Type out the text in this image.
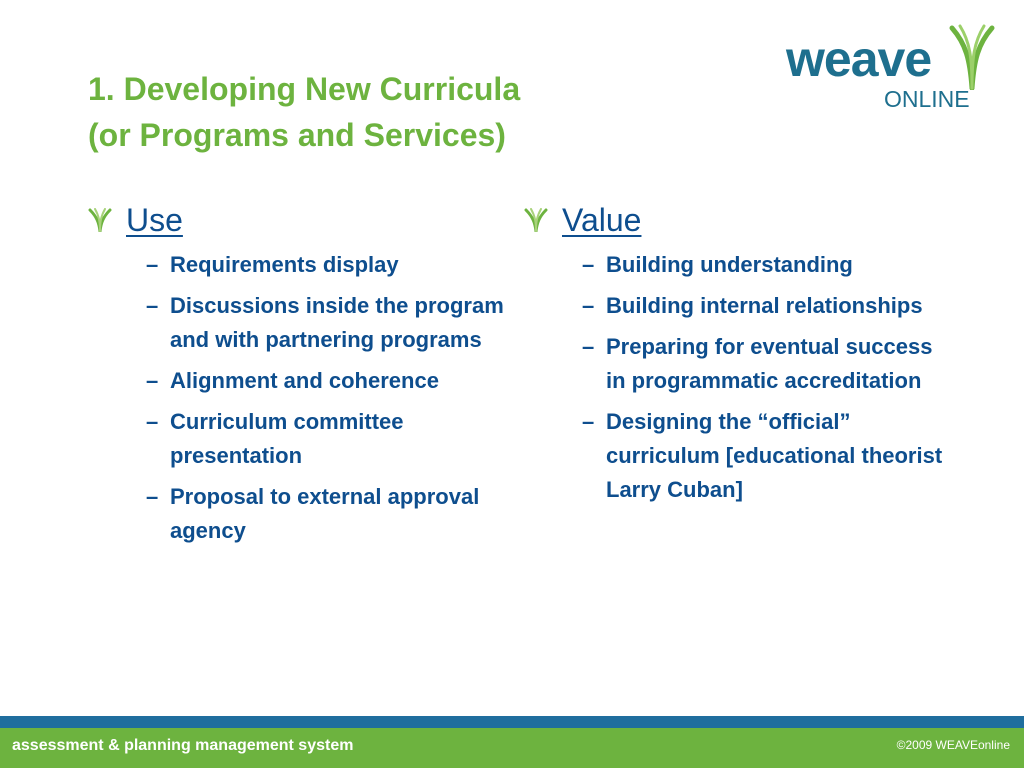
1. Developing New Curricula
(or Programs and Services)
weave
ONLINE
Use
– Requirements display
– Discussions inside the program and with partnering programs
– Alignment and coherence
– Curriculum committee presentation
– Proposal to external approval agency
Value
– Building understanding
– Building internal relationships
– Preparing for eventual success in programmatic accreditation
– Designing the “official” curriculum [educational theorist Larry Cuban]
assessment & planning management system	©2009 WEAVEonline
